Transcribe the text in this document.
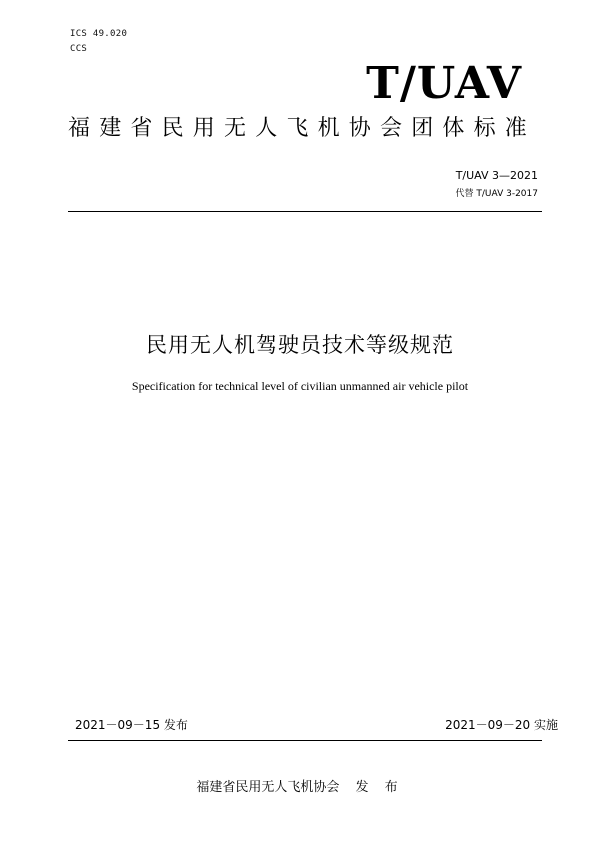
ICS 49.020
CCS
T/UAV
福建省民用无人飞机协会团体标准
T/UAV 3—2021
代替 T/UAV 3-2017
民用无人机驾驶员技术等级规范
Specification for technical level of civilian unmanned air vehicle pilot
2021－09－15 发布	2021－09－20 实施
福建省民用无人飞机协会 发 布
